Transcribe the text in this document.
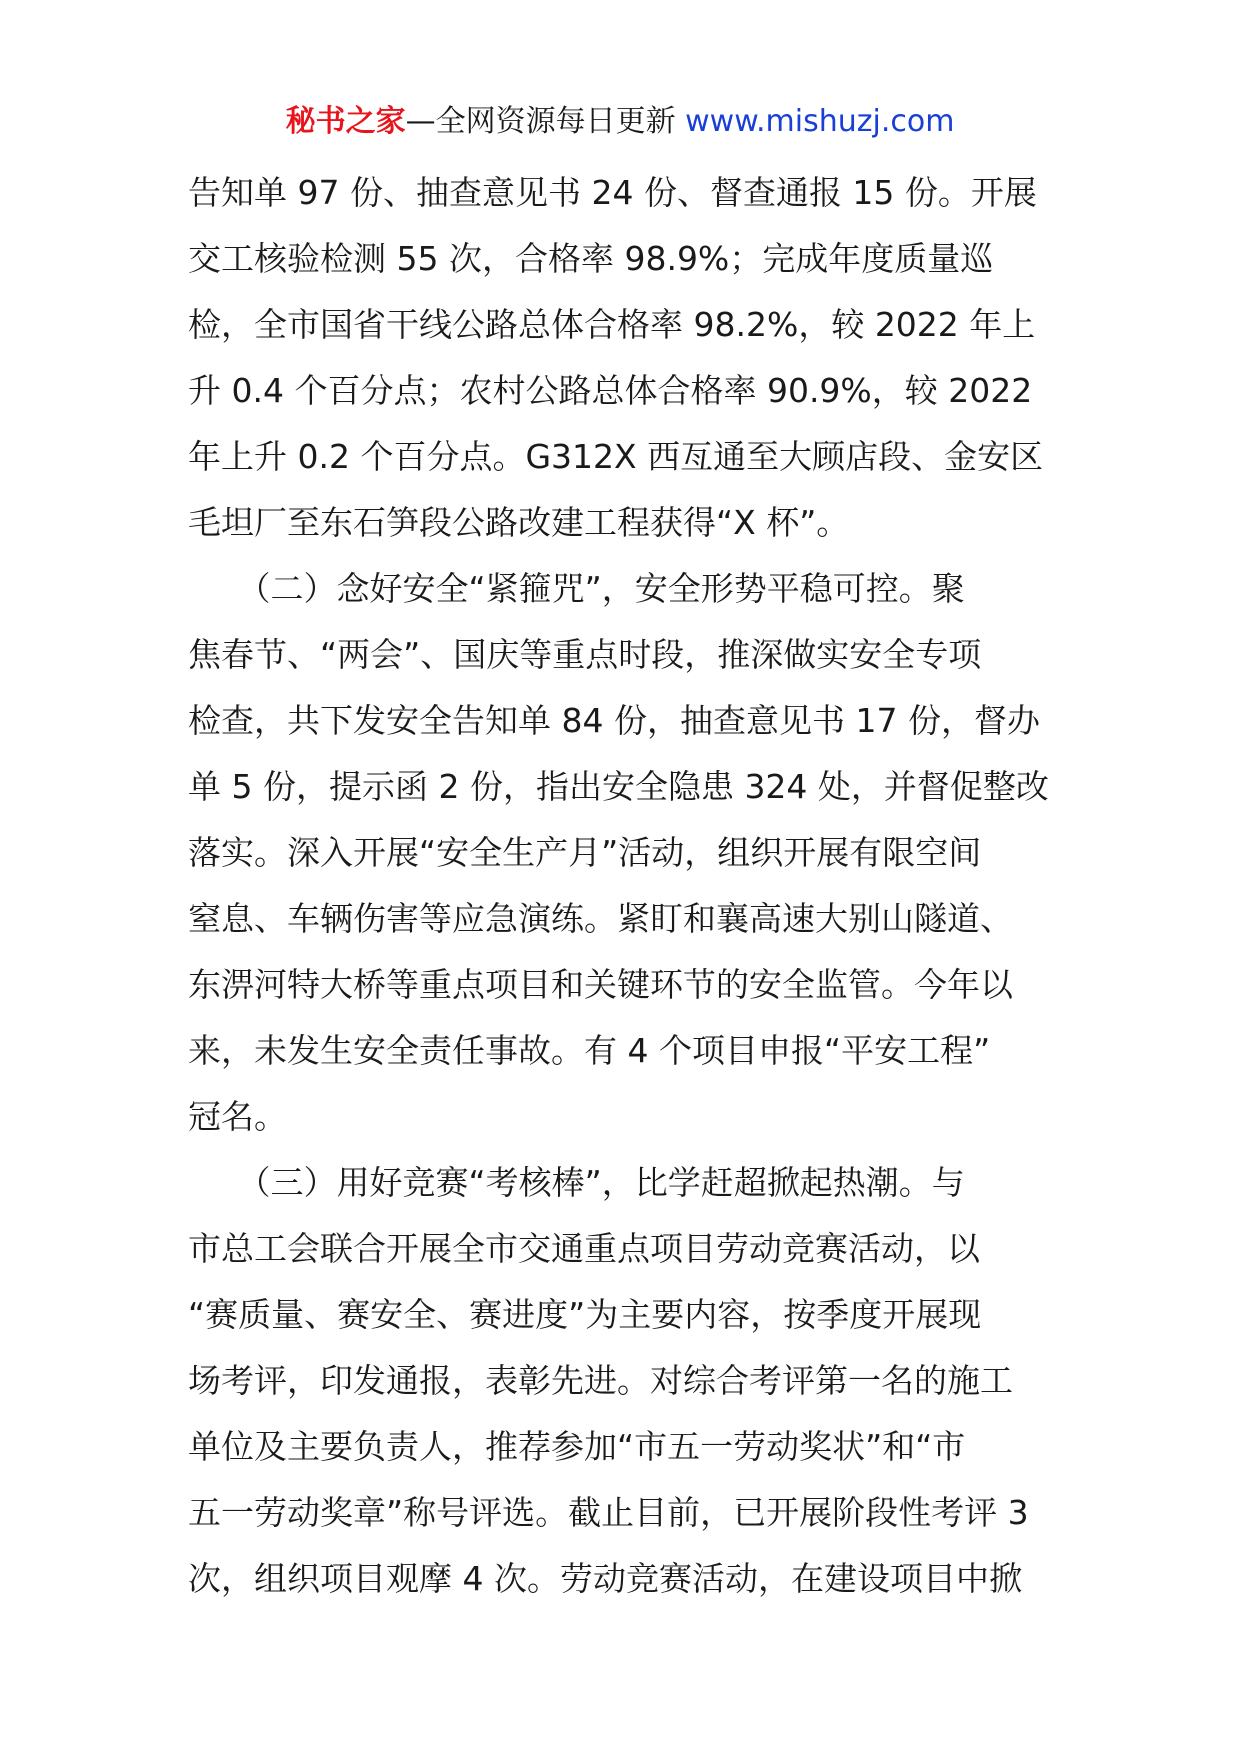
秘书之家—全网资源每日更新 www.mishuzj.com
告知单 97 份、抽查意见书 24 份、督查通报 15 份。开展
交工核验检测 55 次，合格率 98.9%；完成年度质量巡
检，全市国省干线公路总体合格率 98.2%，较 2022 年上
升 0.4 个百分点；农村公路总体合格率 90.9%，较 2022
年上升 0.2 个百分点。G312X 西亙通至大顾店段、金安区
毛坦厂至东石笋段公路改建工程获得“X 杯”。
　　（二）念好安全“紧箍咒”，安全形势平稳可控。聚
焦春节、“两会”、国庆等重点时段，推深做实安全专项
检查，共下发安全告知单 84 份，抽查意见书 17 份，督办
单 5 份，提示函 2 份，指出安全隐患 324 处，并督促整改
落实。深入开展“安全生产月”活动，组织开展有限空间
窒息、车辆伤害等应急演练。紧盯和襄高速大别山隧道、
东淠河特大桥等重点项目和关键环节的安全监管。今年以
来，未发生安全责任事故。有 4 个项目申报“平安工程”
冠名。
　　（三）用好竞赛“考核棒”，比学赶超掀起热潮。与
市总工会联合开展全市交通重点项目劳动竞赛活动，以
“赛质量、赛安全、赛进度”为主要内容，按季度开展现
场考评，印发通报，表彰先进。对综合考评第一名的施工
单位及主要负责人，推荐参加“市五一劳动奖状”和“市
五一劳动奖章”称号评选。截止目前，已开展阶段性考评 3
次，组织项目观摩 4 次。劳动竞赛活动，在建设项目中掀
